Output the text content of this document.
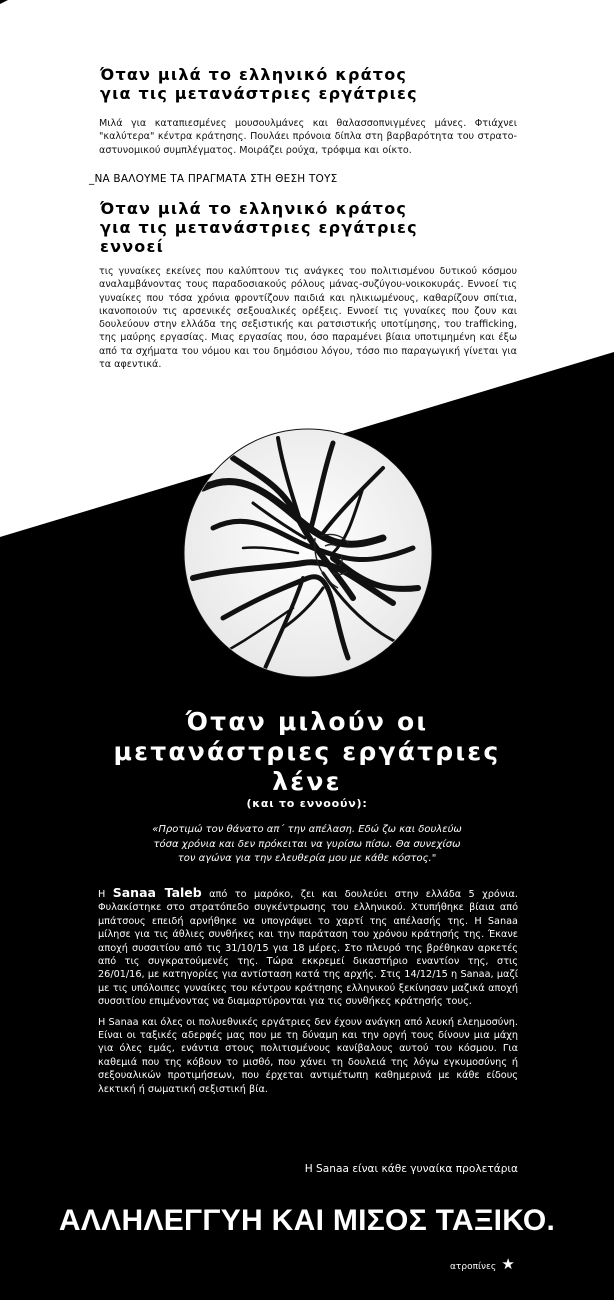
Όταν μιλά το ελληνικό κράτος
για τις μετανάστριες εργάτριες
Μιλά για καταπιεσμένες μουσουλμάνες και θαλασσοπνιγμένες μάνες. Φτιάχνει "καλύτερα" κέντρα κράτησης. Πουλάει πρόνοια δίπλα στη βαρβαρότητα του στρατο-αστυνομικού συμπλέγματος. Μοιράζει ρούχα, τρόφιμα και οίκτο.
_ΝΑ ΒΑΛΟΥΜΕ ΤΑ ΠΡΑΓΜΑΤΑ ΣΤΗ ΘΕΣΗ ΤΟΥΣ
Όταν μιλά το ελληνικό κράτος
για τις μετανάστριες εργάτριες
εννοεί
τις γυναίκες εκείνες που καλύπτουν τις ανάγκες του πολιτισμένου δυτικού κόσμου αναλαμβάνοντας τους παραδοσιακούς ρόλους μάνας-συζύγου-νοικοκυράς. Εννοεί τις γυναίκες που τόσα χρόνια φροντίζουν παιδιά και ηλικιωμένους, καθαρίζουν σπίτια, ικανοποιούν τις αρσενικές σεξουαλικές ορέξεις. Εννοεί τις γυναίκες που ζουν και δουλεύουν στην ελλάδα της σεξιστικής και ρατσιστικής υποτίμησης, του trafficking, της μαύρης εργασίας. Μιας εργασίας που, όσο παραμένει βίαια υποτιμημένη και έξω από τα σχήματα του νόμου και του δημόσιου λόγου, τόσο πιο παραγωγική γίνεται για τα αφεντικά.
Όταν μιλούν οι
μετανάστριες εργάτριες
λένε
(και το εννοούν):
«Προτιμώ τον θάνατο απ΄ την απέλαση. Εδώ ζω και δουλεύω
τόσα χρόνια και δεν πρόκειται να γυρίσω πίσω. Θα συνεχίσω
τον αγώνα για την ελευθερία μου με κάθε κόστος."

Η Sanaa Taleb από το μαρόκο, ζει και δουλεύει στην ελλάδα 5 χρόνια. Φυλακίστηκε στο στρατόπεδο συγκέντρωσης του ελληνικού. Χτυπήθηκε βίαια από μπάτσους επειδή αρνήθηκε να υπογράψει το χαρτί της απέλασής της. Η Sanaa μίλησε για τις άθλιες συνθήκες και την παράταση του χρόνου κράτησής της. Έκανε αποχή συσσιτίου από τις 31/10/15 για 18 μέρες. Στο πλευρό της βρέθηκαν αρκετές από τις συγκρατούμενές της. Τώρα εκκρεμεί δικαστήριο εναντίον της, στις 26/01/16, με κατηγορίες για αντίσταση κατά της αρχής. Στις 14/12/15 η Sanaa, μαζί με τις υπόλοιπες γυναίκες του κέντρου κράτησης ελληνικού ξεκίνησαν μαζικά αποχή συσσιτίου επιμένοντας να διαμαρτύρονται για τις συνθήκες κράτησής τους.

Η Sanaa και όλες οι πολυεθνικές εργάτριες δεν έχουν ανάγκη από λευκή ελεημοσύνη. Είναι οι ταξικές αδερφές μας που με τη δύναμη και την οργή τους δίνουν μια μάχη για όλες εμάς, ενάντια στους πολιτισμένους κανίβαλους αυτού του κόσμου. Για καθεμιά που της κόβουν το μισθό, που χάνει τη δουλειά της λόγω εγκυμοσύνης ή σεξουαλικών προτιμήσεων, που έρχεται αντιμέτωπη καθημερινά με κάθε είδους λεκτική ή σωματική σεξιστική βία.

Η Sanaa είναι κάθε γυναίκα προλετάρια
ΑΛΛΗΛΕΓΓΥΗ ΚΑΙ ΜΙΣΟΣ ΤΑΞΙΚΟ.
ατροπίνες ★
